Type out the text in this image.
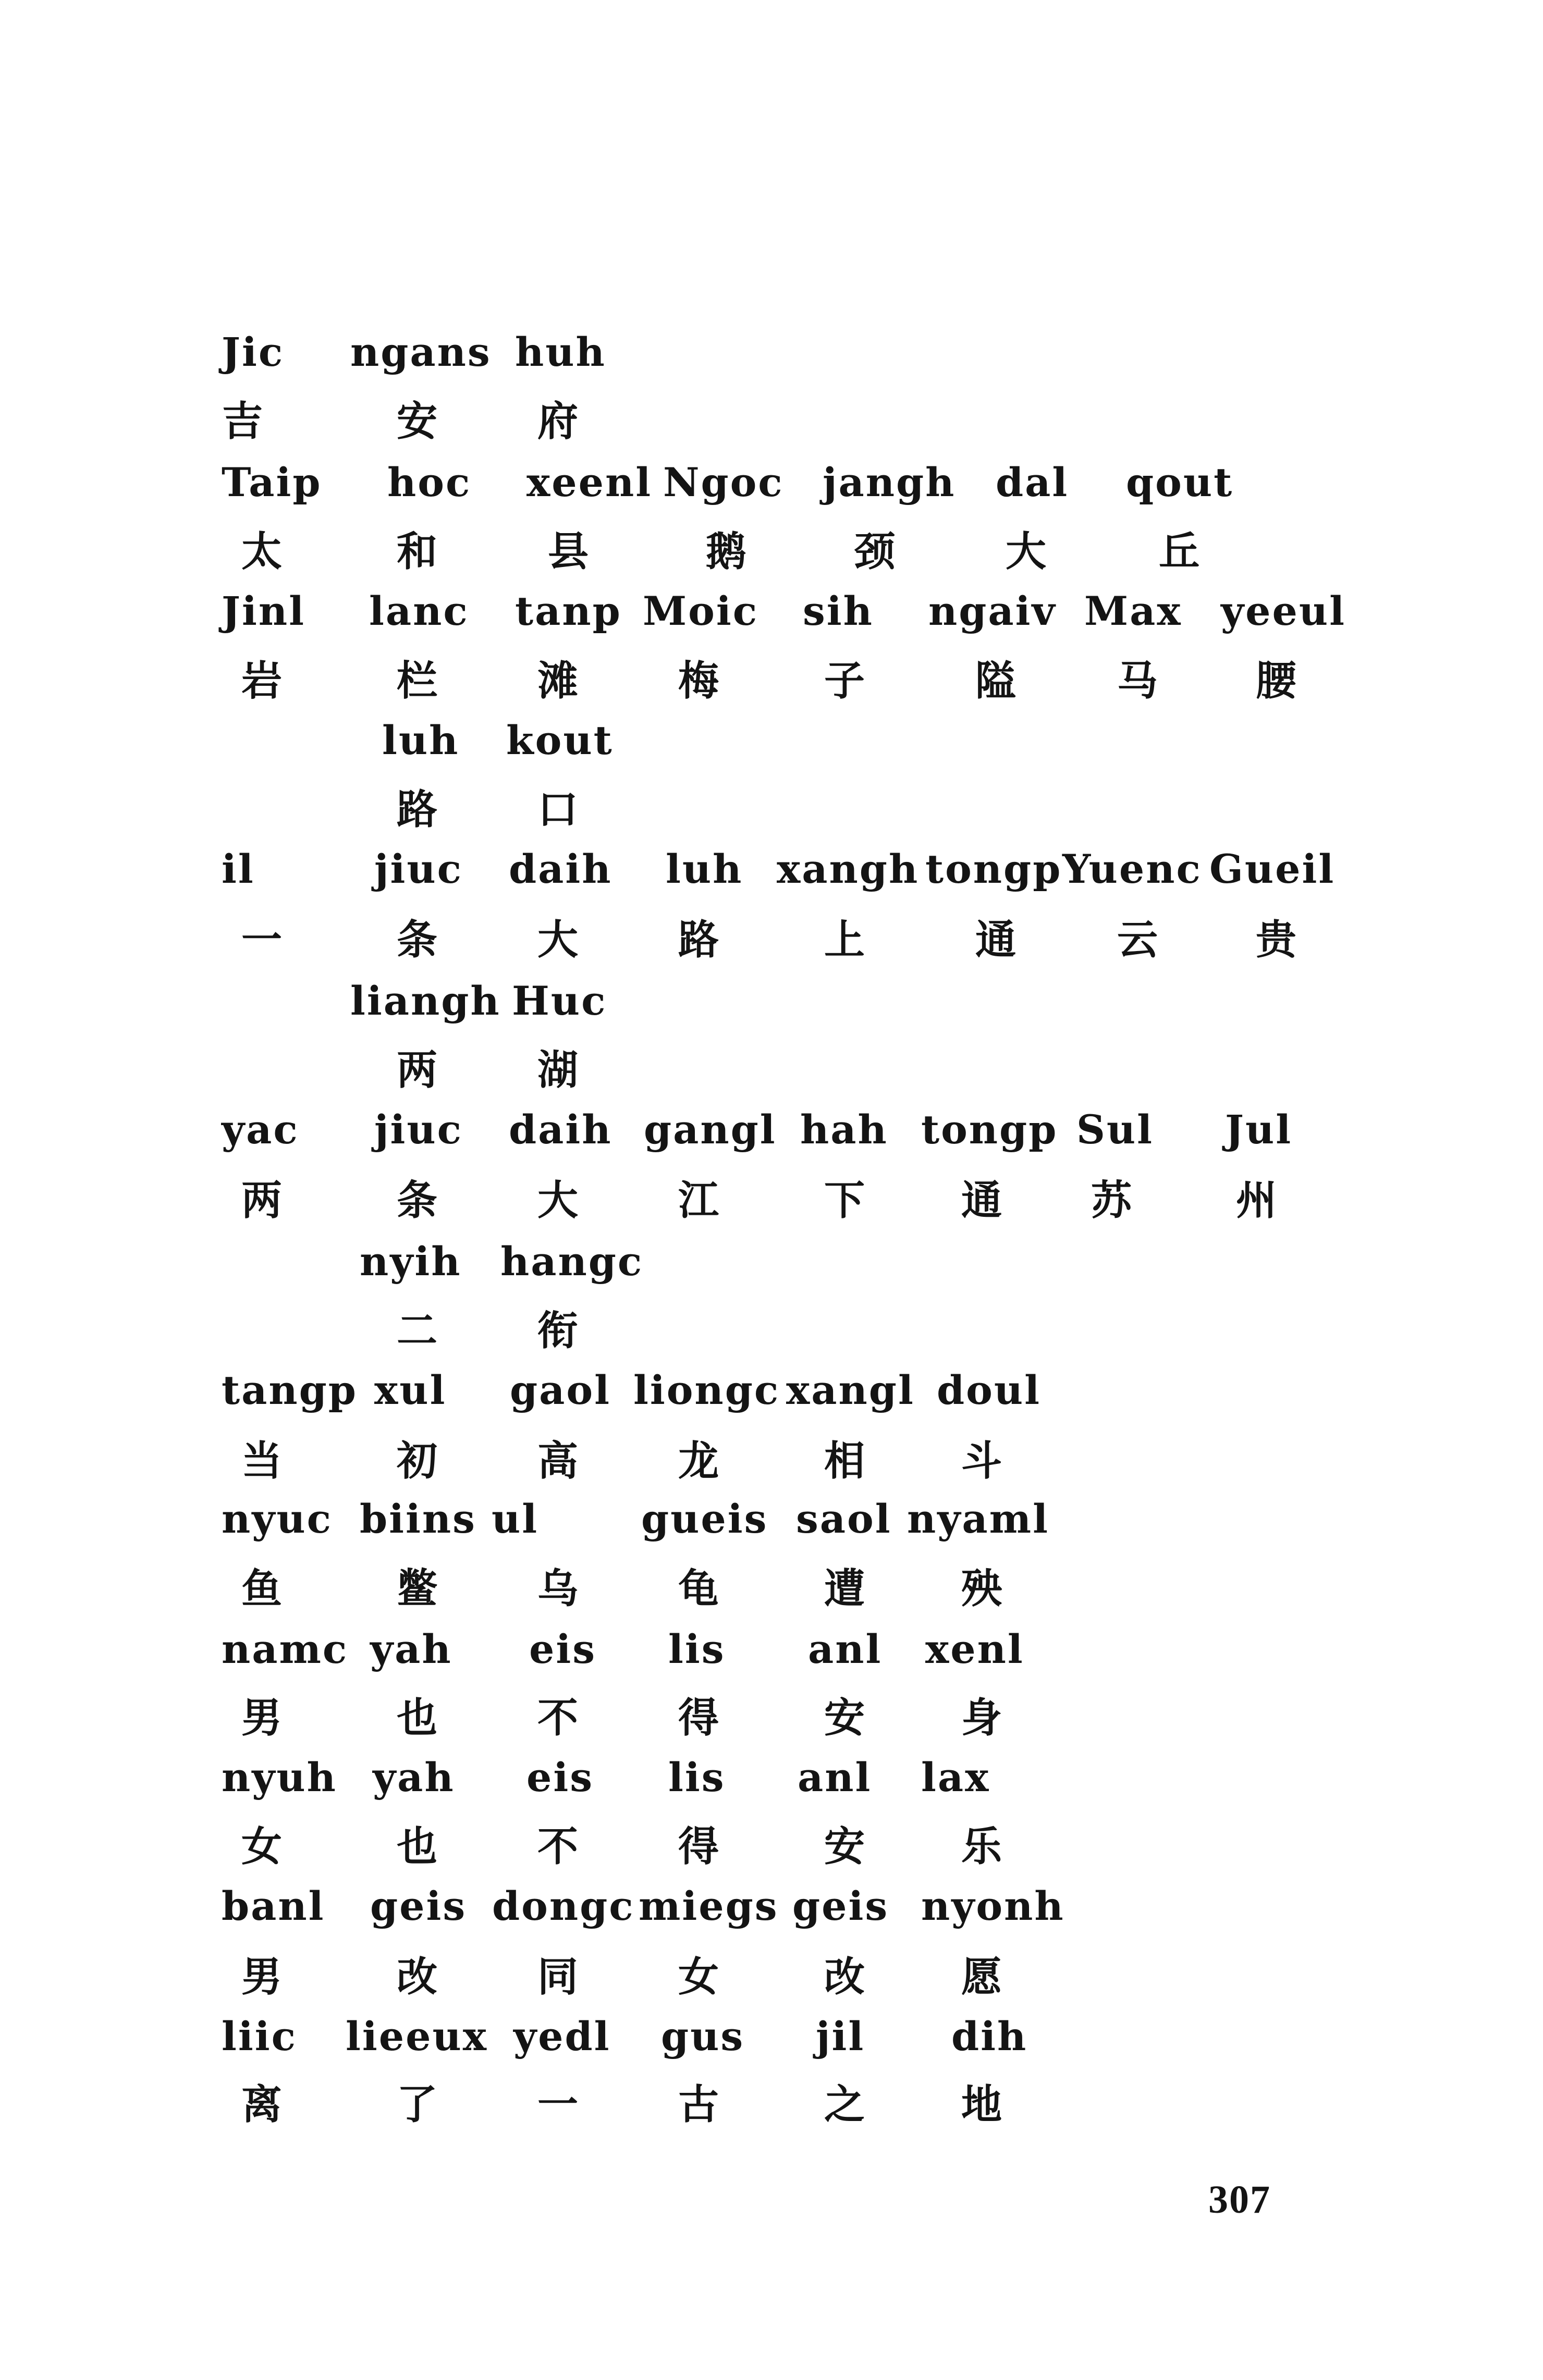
Jic ngans huh
吉	安 府
Taip hoc xeenl Ngoc jangh dal qout
太	和	县	鹅	颈	大	丘
Jinl lanc tanp Moic sih ngaiv Max yeeul
岩	栏 滩 梅	子	隘 马 腰
luh kout
路 口
il	jiuc daih luh xangh tongp Yuenc Gueil
一	条 大 路	上	通 云 贵
liangh Huc
两 湖
yac jiuc daih gangl hah tongp Sul Jul
两	条 大 江	下 通 苏	州
nyih hangc
二 衔
tangp xul gaol liongc xangl doul
当	初 高 龙	相 斗
nyuc biins ul	gueis saol nyaml
鱼	鳖 乌 龟	遭 殃
namc yah eis lis anl xenl
男	也 不 得	安 身
nyuh yah eis lis anl lax
女	也 不 得	安 乐
banl geis dongc miegs geis nyonh
男	改 同 女	改 愿
liic lieeux yedl gus jil dih
离	了 一 古	之 地
307
